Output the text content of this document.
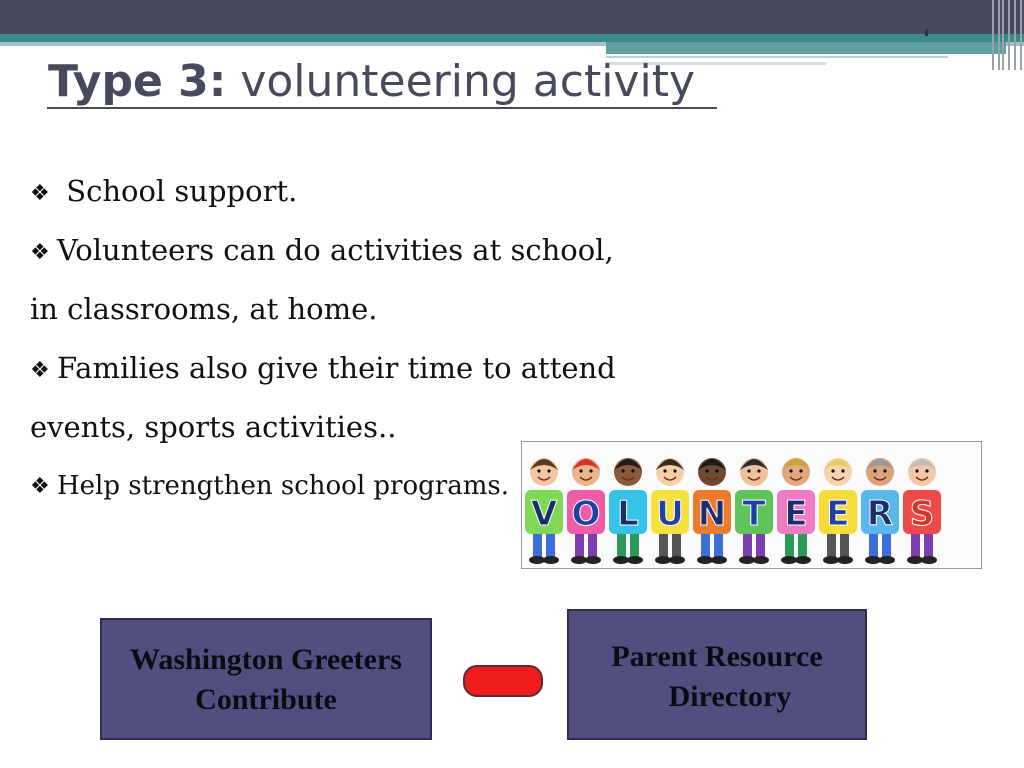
Type 3: volunteering activity
❖ School support.
❖ Volunteers can do activities at school,
in classrooms, at home.
❖ Families also give their time to attend
events, sports activities..
❖ Help strengthen school programs.
V O L U N T E E R S
Washington Greeters
Contribute
Parent Resource
Directory
